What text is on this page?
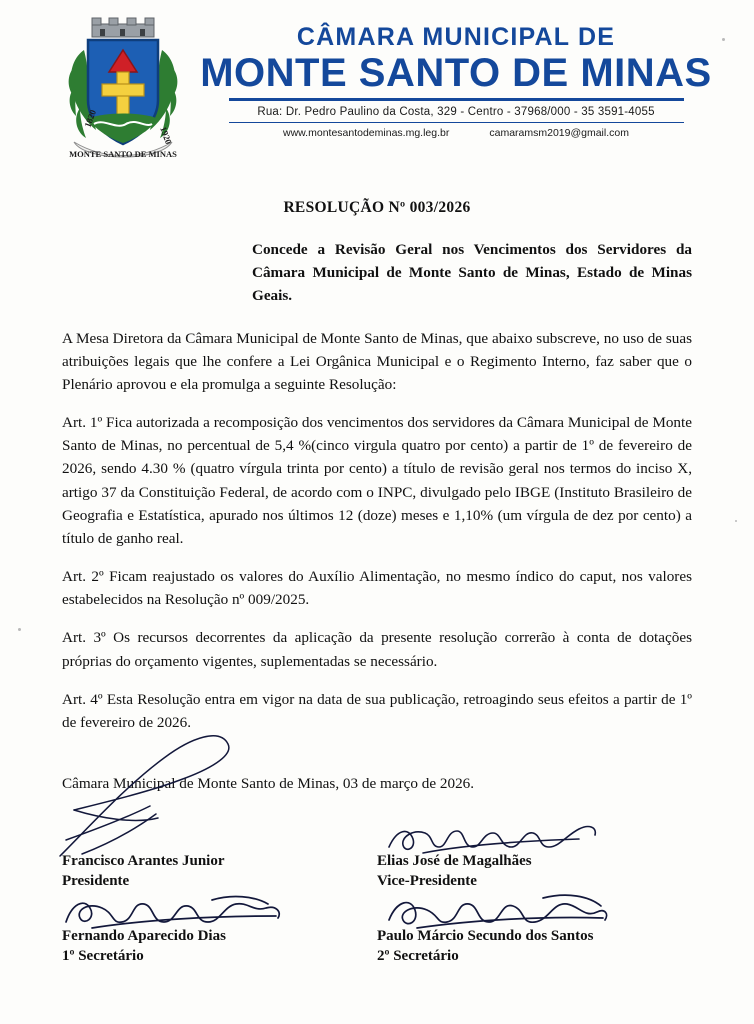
1820
1920
MONTE SANTO DE MINAS
CÂMARA MUNICIPAL DE
MONTE SANTO DE MINAS
Rua: Dr. Pedro Paulino da Costa, 329 - Centro - 37968/000 - 35 3591-4055
www.montesantodeminas.mg.leg.br	camaramsm2019@gmail.com
RESOLUÇÃO Nº 003/2026
Concede a Revisão Geral nos Vencimentos dos Servidores da Câmara Municipal de Monte Santo de Minas, Estado de Minas Geais.

A Mesa Diretora da Câmara Municipal de Monte Santo de Minas, que abaixo subscreve, no uso de suas atribuições legais que lhe confere a Lei Orgânica Municipal e o Regimento Interno, faz saber que o Plenário aprovou e ela promulga a seguinte Resolução:

Art. 1º Fica autorizada a recomposição dos vencimentos dos servidores da Câmara Municipal de Monte Santo de Minas, no percentual de 5,4 %(cinco virgula quatro por cento) a partir de 1º de fevereiro de 2026, sendo 4.30 % (quatro vírgula trinta por cento) a título de revisão geral nos termos do inciso X, artigo 37 da Constituição Federal, de acordo com o INPC, divulgado pelo IBGE (Instituto Brasileiro de Geografia e Estatística, apurado nos últimos 12 (doze) meses e 1,10% (um vírgula de dez por cento) a título de ganho real.

Art. 2º Ficam reajustado os valores do Auxílio Alimentação, no mesmo índico do caput, nos valores estabelecidos na Resolução nº 009/2025.

Art. 3º Os recursos decorrentes da aplicação da presente resolução correrão à conta de dotações próprias do orçamento vigentes, suplementadas se necessário.

Art. 4º Esta Resolução entra em vigor na data de sua publicação, retroagindo seus efeitos a partir de 1º de fevereiro de 2026.

Câmara Municipal de Monte Santo de Minas, 03 de março de 2026.

Francisco Arantes Junior
Presidente
Elias José de Magalhães
Vice-Presidente
Fernando Aparecido Dias
1º Secretário
Paulo Márcio Secundo dos Santos
2º Secretário
